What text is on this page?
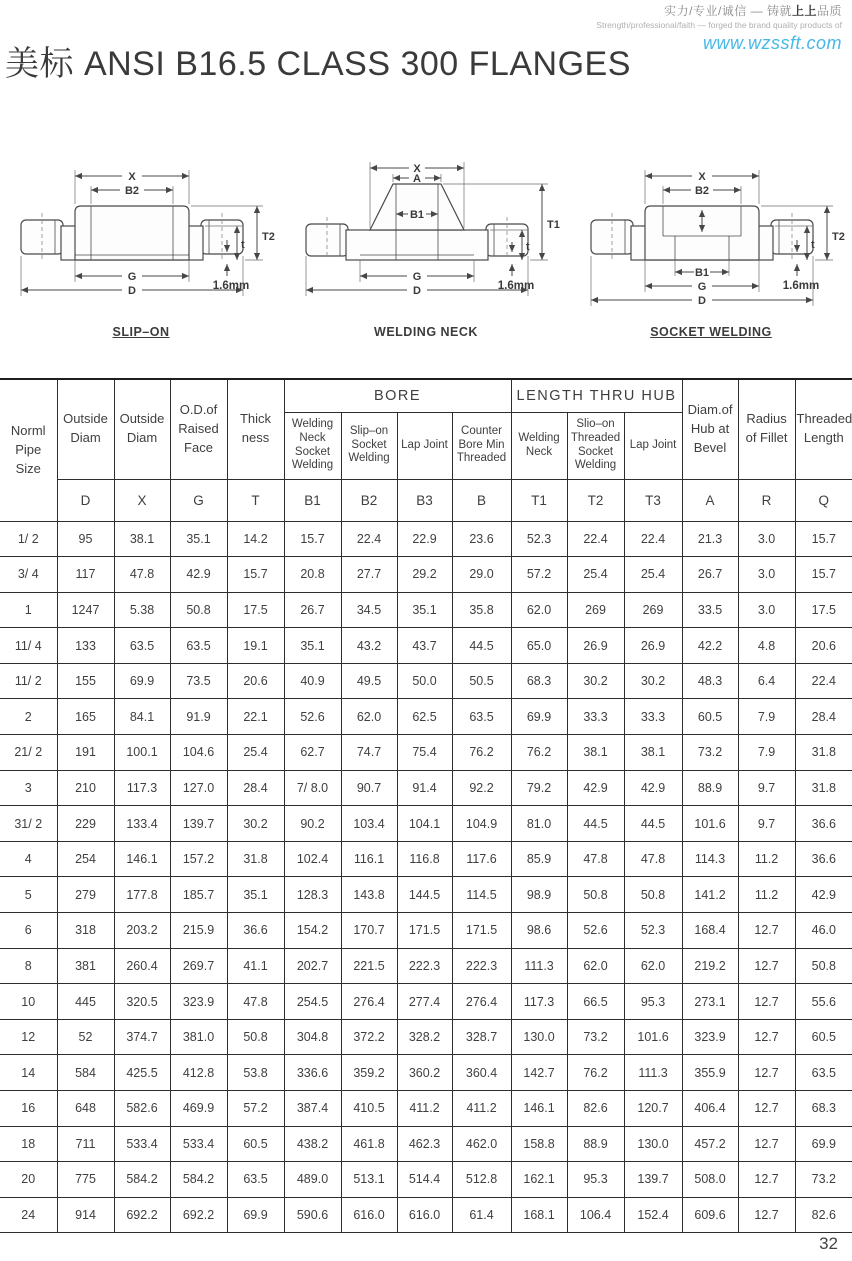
实力/专业/诚信 — 铸就上上品质
Strength/professional/faith — forged the brand quality products of
www.wzssft.com
美标 ANSI B16.5 CLASS 300 FLANGES
X
B2
T2
t
1.6mm
G
D
SLIP–ON
X
A
B1
T1
t
1.6mm
G
D
WELDING NECK
X
B2
T2
t
1.6mm
B1
G
D
SOCKET WELDING
Norml Pipe Size	Outside Diam	Outside Diam	O.D.of Raised Face	Thick ness	BORE				LENGTH THRU HUB			Diam.of Hub at Bevel	Radius of Fillet	Threaded Length
					Welding Neck Socket Welding	Slip–on Socket Welding	Lap Joint	Counter Bore Min Threaded	Welding Neck	Slio–on Threaded Socket Welding	Lap Joint			
	D	X	G	T	B1	B2	B3	B	T1	T2	T3	A	R	Q
1/ 2	95	38.1	35.1	14.2	15.7	22.4	22.9	23.6	52.3	22.4	22.4	21.3	3.0	15.7
3/ 4	117	47.8	42.9	15.7	20.8	27.7	29.2	29.0	57.2	25.4	25.4	26.7	3.0	15.7
1	1247	5.38	50.8	17.5	26.7	34.5	35.1	35.8	62.0	269	269	33.5	3.0	17.5
11/ 4	133	63.5	63.5	19.1	35.1	43.2	43.7	44.5	65.0	26.9	26.9	42.2	4.8	20.6
11/ 2	155	69.9	73.5	20.6	40.9	49.5	50.0	50.5	68.3	30.2	30.2	48.3	6.4	22.4
2	165	84.1	91.9	22.1	52.6	62.0	62.5	63.5	69.9	33.3	33.3	60.5	7.9	28.4
21/ 2	191	100.1	104.6	25.4	62.7	74.7	75.4	76.2	76.2	38.1	38.1	73.2	7.9	31.8
3	210	117.3	127.0	28.4	7/ 8.0	90.7	91.4	92.2	79.2	42.9	42.9	88.9	9.7	31.8
31/ 2	229	133.4	139.7	30.2	90.2	103.4	104.1	104.9	81.0	44.5	44.5	101.6	9.7	36.6
4	254	146.1	157.2	31.8	102.4	116.1	116.8	117.6	85.9	47.8	47.8	114.3	11.2	36.6
5	279	177.8	185.7	35.1	128.3	143.8	144.5	114.5	98.9	50.8	50.8	141.2	11.2	42.9
6	318	203.2	215.9	36.6	154.2	170.7	171.5	171.5	98.6	52.6	52.3	168.4	12.7	46.0
8	381	260.4	269.7	41.1	202.7	221.5	222.3	222.3	111.3	62.0	62.0	219.2	12.7	50.8
10	445	320.5	323.9	47.8	254.5	276.4	277.4	276.4	117.3	66.5	95.3	273.1	12.7	55.6
12	52	374.7	381.0	50.8	304.8	372.2	328.2	328.7	130.0	73.2	101.6	323.9	12.7	60.5
14	584	425.5	412.8	53.8	336.6	359.2	360.2	360.4	142.7	76.2	111.3	355.9	12.7	63.5
16	648	582.6	469.9	57.2	387.4	410.5	411.2	411.2	146.1	82.6	120.7	406.4	12.7	68.3
18	711	533.4	533.4	60.5	438.2	461.8	462.3	462.0	158.8	88.9	130.0	457.2	12.7	69.9
20	775	584.2	584.2	63.5	489.0	513.1	514.4	512.8	162.1	95.3	139.7	508.0	12.7	73.2
24	914	692.2	692.2	69.9	590.6	616.0	616.0	61.4	168.1	106.4	152.4	609.6	12.7	82.6
32
